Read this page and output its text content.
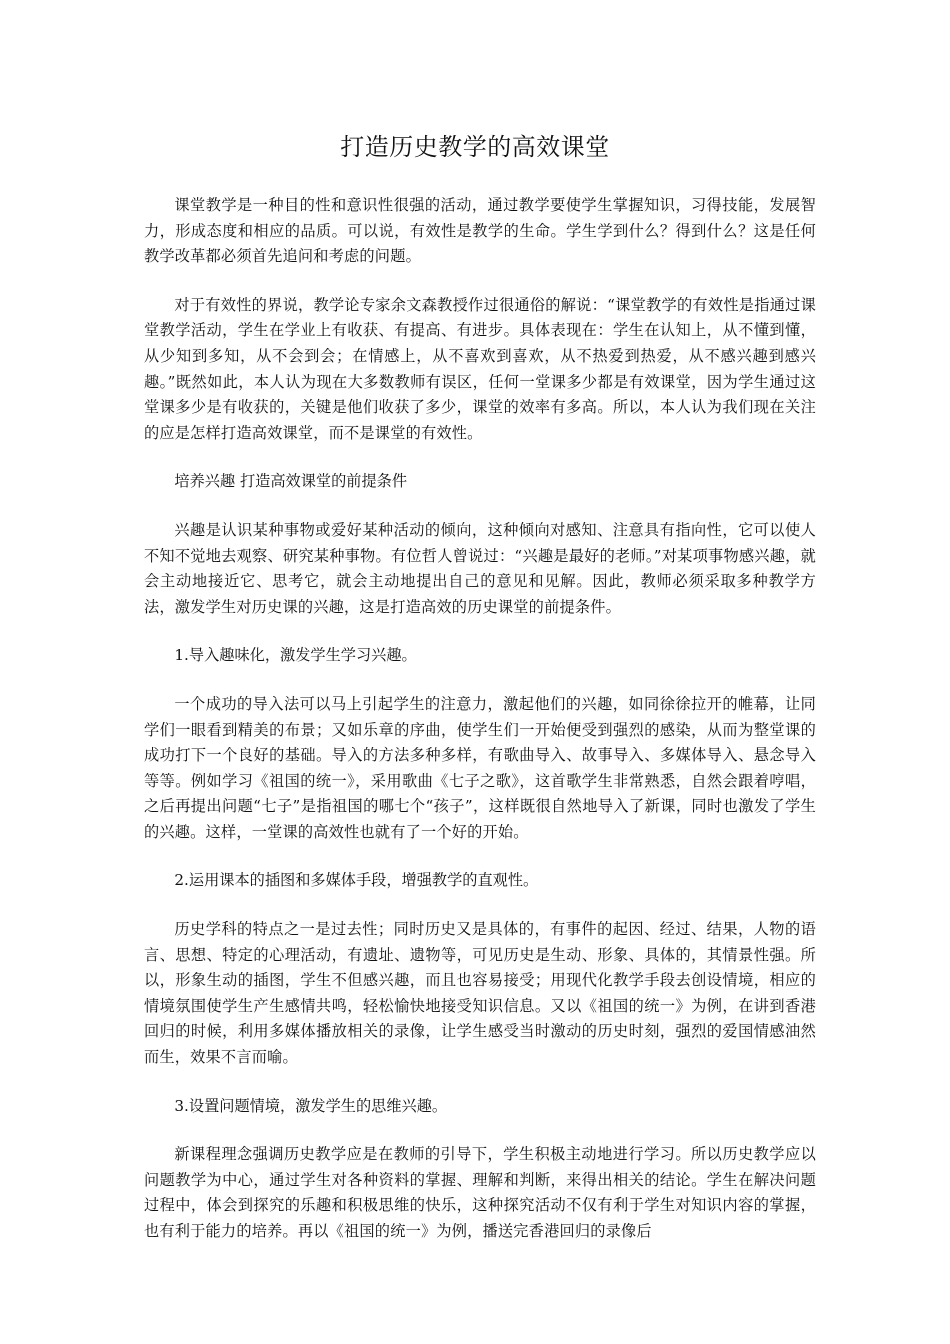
打造历史教学的高效课堂

课堂教学是一种目的性和意识性很强的活动，通过教学要使学生掌握知识，习得技能，发展智力，形成态度和相应的品质。可以说，有效性是教学的生命。学生学到什么？得到什么？这是任何教学改革都必须首先追问和考虑的问题。

对于有效性的界说，教学论专家余文森教授作过很通俗的解说：“课堂教学的有效性是指通过课堂教学活动，学生在学业上有收获、有提高、有进步。具体表现在：学生在认知上，从不懂到懂，从少知到多知，从不会到会；在情感上，从不喜欢到喜欢，从不热爱到热爱，从不感兴趣到感兴趣。”既然如此，本人认为现在大多数教师有误区，任何一堂课多少都是有效课堂，因为学生通过这堂课多少是有收获的，关键是他们收获了多少，课堂的效率有多高。所以，本人认为我们现在关注的应是怎样打造高效课堂，而不是课堂的有效性。

培养兴趣 打造高效课堂的前提条件

兴趣是认识某种事物或爱好某种活动的倾向，这种倾向对感知、注意具有指向性，它可以使人不知不觉地去观察、研究某种事物。有位哲人曾说过：“兴趣是最好的老师。”对某项事物感兴趣，就会主动地接近它、思考它，就会主动地提出自己的意见和见解。因此，教师必须采取多种教学方法，激发学生对历史课的兴趣，这是打造高效的历史课堂的前提条件。

1.导入趣味化，激发学生学习兴趣。

一个成功的导入法可以马上引起学生的注意力，激起他们的兴趣，如同徐徐拉开的帷幕，让同学们一眼看到精美的布景；又如乐章的序曲，使学生们一开始便受到强烈的感染，从而为整堂课的成功打下一个良好的基础。导入的方法多种多样，有歌曲导入、故事导入、多媒体导入、悬念导入等等。例如学习《祖国的统一》，采用歌曲《七子之歌》，这首歌学生非常熟悉，自然会跟着哼唱，之后再提出问题“七子”是指祖国的哪七个“孩子”，这样既很自然地导入了新课，同时也激发了学生的兴趣。这样，一堂课的高效性也就有了一个好的开始。

2.运用课本的插图和多媒体手段，增强教学的直观性。

历史学科的特点之一是过去性；同时历史又是具体的，有事件的起因、经过、结果，人物的语言、思想、特定的心理活动，有遗址、遗物等，可见历史是生动、形象、具体的，其情景性强。所以，形象生动的插图，学生不但感兴趣，而且也容易接受；用现代化教学手段去创设情境，相应的情境氛围使学生产生感情共鸣，轻松愉快地接受知识信息。又以《祖国的统一》为例，在讲到香港回归的时候，利用多媒体播放相关的录像，让学生感受当时激动的历史时刻，强烈的爱国情感油然而生，效果不言而喻。

3.设置问题情境，激发学生的思维兴趣。

新课程理念强调历史教学应是在教师的引导下，学生积极主动地进行学习。所以历史教学应以问题教学为中心，通过学生对各种资料的掌握、理解和判断，来得出相关的结论。学生在解决问题过程中，体会到探究的乐趣和积极思维的快乐，这种探究活动不仅有利于学生对知识内容的掌握，也有利于能力的培养。再以《祖国的统一》为例，播送完香港回归的录像后
